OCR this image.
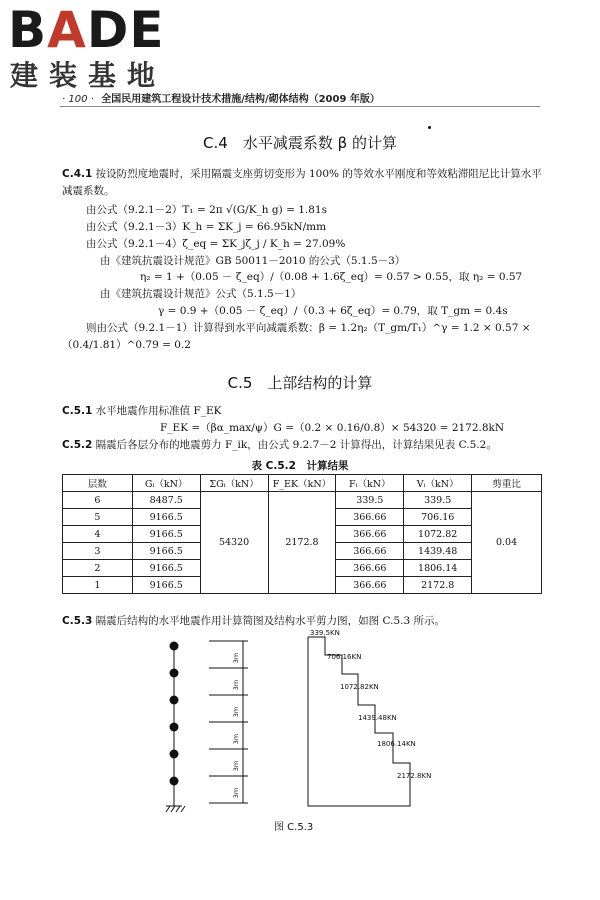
BADE
建装基地
· 100 · 全国民用建筑工程设计技术措施/结构/砌体结构（2009 年版）
C.4　水平减震系数 β 的计算
C.4.1 按设防烈度地震时，采用隔震支座剪切变形为 100% 的等效水平刚度和等效粘滞阻尼比计算水平减震系数。
由公式（9.2.1－2）T₁ = 2π √(G/K_h g) = 1.81s
由公式（9.2.1－3）K_h = ΣK_j = 66.95kN/mm
由公式（9.2.1－4）ζ_eq = ΣK_jζ_j / K_h = 27.09%
由《建筑抗震设计规范》GB 50011－2010 的公式（5.1.5－3）
η₂ = 1 +（0.05 － ζ_eq）/（0.08 + 1.6ζ_eq）= 0.57 > 0.55，取 η₂ = 0.57
由《建筑抗震设计规范》公式（5.1.5－1）
γ = 0.9 +（0.05 － ζ_eq）/（0.3 + 6ζ_eq）= 0.79，取 T_gm = 0.4s
则由公式（9.2.1－1）计算得到水平向减震系数：β = 1.2η₂（T_gm/T₁）^γ = 1.2 × 0.57 ×
（0.4/1.81）^0.79 = 0.2
C.5　上部结构的计算
C.5.1 水平地震作用标准值 F_EK
F_EK =（βα_max/ψ）G =（0.2 × 0.16/0.8）× 54320 = 2172.8kN
C.5.2 隔震后各层分布的地震剪力 F_ik，由公式 9.2.7－2 计算得出，计算结果见表 C.5.2。
表 C.5.2　计算结果
层数	Gᵢ（kN）	ΣGᵢ（kN）	F_EK（kN）	Fᵢ（kN）	Vᵢ（kN）	剪重比
6	8487.5	54320	2172.8	339.5	339.5	0.04
5	9166.5			366.66	706.16	
4	9166.5			366.66	1072.82	
3	9166.5			366.66	1439.48	
2	9166.5			366.66	1806.14	
1	9166.5			366.66	2172.8	
C.5.3 隔震后结构的水平地震作用计算简图及结构水平剪力图，如图 C.5.3 所示。
3m
3m
3m
3m
3m
3m
339.5KN
706.16KN
1072.82KN
1439.48KN
1806.14KN
2172.8KN
图 C.5.3
